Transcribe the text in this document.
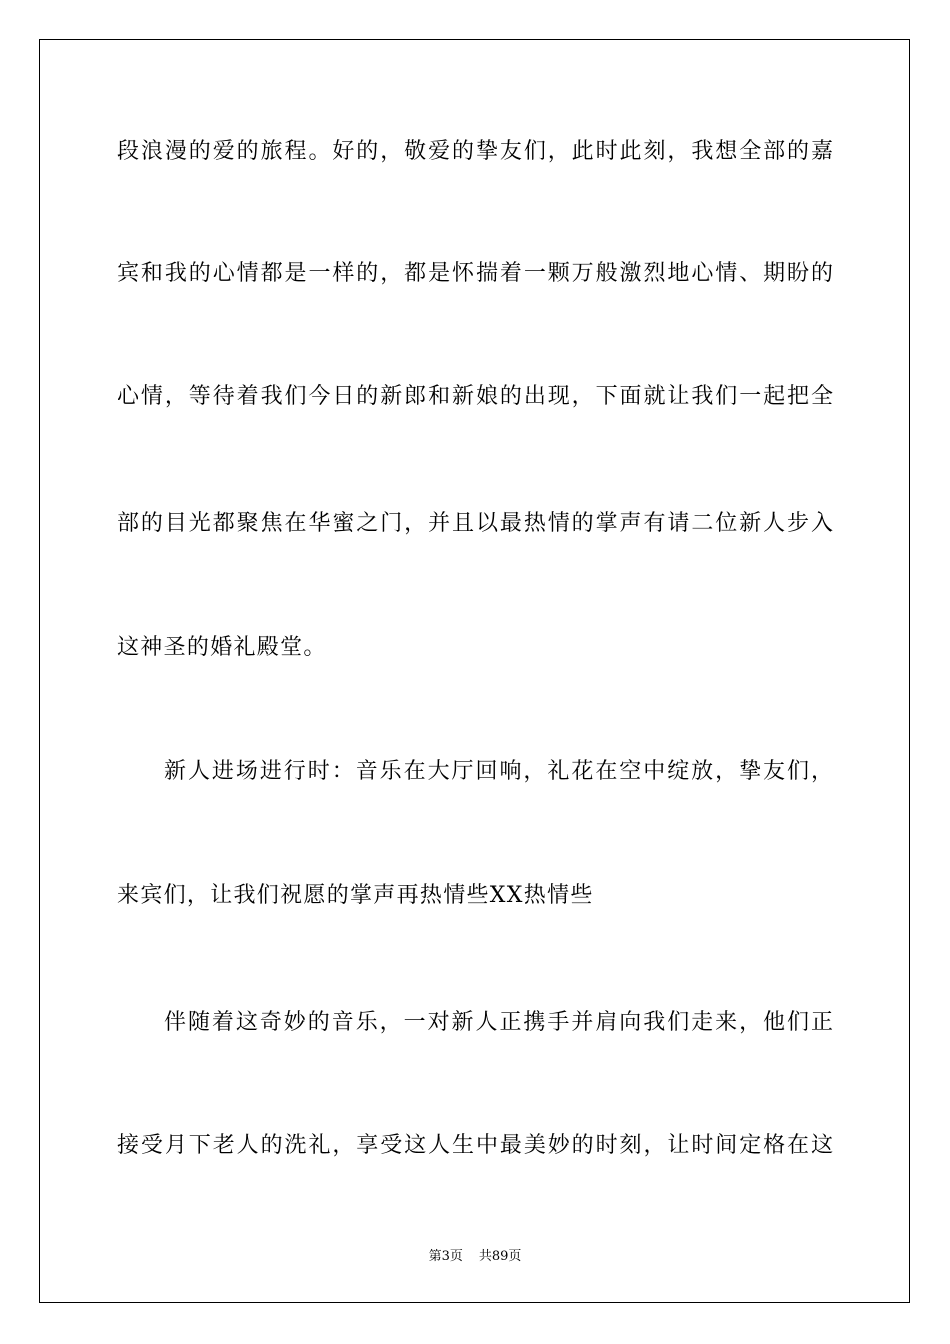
段浪漫的爱的旅程。好的，敬爱的挚友们，此时此刻，我想全部的嘉
宾和我的心情都是一样的，都是怀揣着一颗万般激烈地心情、期盼的
心情，等待着我们今日的新郎和新娘的出现，下面就让我们一起把全
部的目光都聚焦在华蜜之门，并且以最热情的掌声有请二位新人步入
这神圣的婚礼殿堂。
新人进场进行时：音乐在大厅回响，礼花在空中绽放，挚友们，
来宾们，让我们祝愿的掌声再热情些XX热情些
伴随着这奇妙的音乐，一对新人正携手并肩向我们走来，他们正
接受月下老人的洗礼，享受这人生中最美妙的时刻，让时间定格在这
第3页 共89页
